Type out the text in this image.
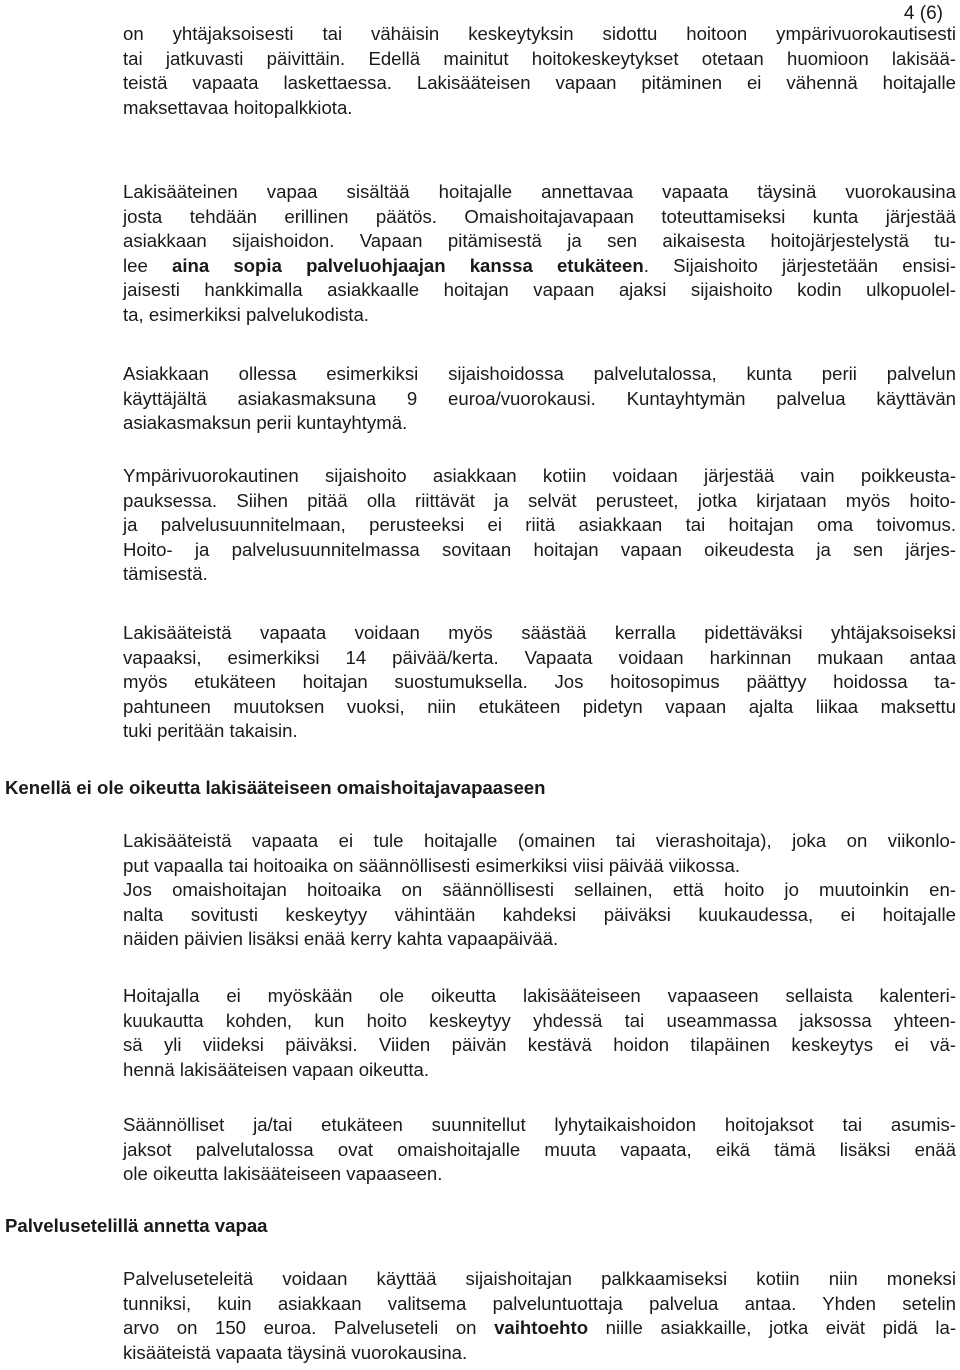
4 (6)
on yhtäjaksoisesti tai vähäisin keskeytyksin sidottu hoitoon ympärivuorokautisesti
tai jatkuvasti päivittäin. Edellä mainitut hoitokeskeytykset otetaan huomioon lakisää-
teistä vapaata laskettaessa. Lakisääteisen vapaan pitäminen ei vähennä hoitajalle
maksettavaa hoitopalkkiota.
Lakisääteinen vapaa sisältää hoitajalle annettavaa vapaata täysinä vuorokausina
josta tehdään erillinen päätös. Omaishoitajavapaan toteuttamiseksi kunta järjestää
asiakkaan sijaishoidon. Vapaan pitämisestä ja sen aikaisesta hoitojärjestelystä tu-
lee aina sopia palveluohjaajan kanssa etukäteen. Sijaishoito järjestetään ensisi-
jaisesti hankkimalla asiakkaalle hoitajan vapaan ajaksi sijaishoito kodin ulkopuolel-
ta, esimerkiksi palvelukodista.
Asiakkaan ollessa esimerkiksi sijaishoidossa palvelutalossa, kunta perii palvelun
käyttäjältä asiakasmaksuna 9 euroa/vuorokausi. Kuntayhtymän palvelua käyttävän
asiakasmaksun perii kuntayhtymä.
Ympärivuorokautinen sijaishoito asiakkaan kotiin voidaan järjestää vain poikkeusta-
pauksessa. Siihen pitää olla riittävät ja selvät perusteet, jotka kirjataan myös hoito-
ja palvelusuunnitelmaan, perusteeksi ei riitä asiakkaan tai hoitajan oma toivomus.
Hoito- ja palvelusuunnitelmassa sovitaan hoitajan vapaan oikeudesta ja sen järjes-
tämisestä.
Lakisääteistä vapaata voidaan myös säästää kerralla pidettäväksi yhtäjaksoiseksi
vapaaksi, esimerkiksi 14 päivää/kerta. Vapaata voidaan harkinnan mukaan antaa
myös etukäteen hoitajan suostumuksella. Jos hoitosopimus päättyy hoidossa ta-
pahtuneen muutoksen vuoksi, niin etukäteen pidetyn vapaan ajalta liikaa maksettu
tuki peritään takaisin.
Kenellä ei ole oikeutta lakisääteiseen omaishoitajavapaaseen
Lakisääteistä vapaata ei tule hoitajalle (omainen tai vierashoitaja), joka on viikonlo-
put vapaalla tai hoitoaika on säännöllisesti esimerkiksi viisi päivää viikossa.
Jos omaishoitajan hoitoaika on säännöllisesti sellainen, että hoito jo muutoinkin en-
nalta sovitusti keskeytyy vähintään kahdeksi päiväksi kuukaudessa, ei hoitajalle
näiden päivien lisäksi enää kerry kahta vapaapäivää.
Hoitajalla ei myöskään ole oikeutta lakisääteiseen vapaaseen sellaista kalenteri-
kuukautta kohden, kun hoito keskeytyy yhdessä tai useammassa jaksossa yhteen-
sä yli viideksi päiväksi. Viiden päivän kestävä hoidon tilapäinen keskeytys ei vä-
hennä lakisääteisen vapaan oikeutta.
Säännölliset ja/tai etukäteen suunnitellut lyhytaikaishoidon hoitojaksot tai asumis-
jaksot palvelutalossa ovat omaishoitajalle muuta vapaata, eikä tämä lisäksi enää
ole oikeutta lakisääteiseen vapaaseen.
Palvelusetelillä annetta vapaa
Palveluseteleitä voidaan käyttää sijaishoitajan palkkaamiseksi kotiin niin moneksi
tunniksi, kuin asiakkaan valitsema palveluntuottaja palvelua antaa. Yhden setelin
arvo on 150 euroa. Palveluseteli on vaihtoehto niille asiakkaille, jotka eivät pidä la-
kisääteistä vapaata täysinä vuorokausina.
